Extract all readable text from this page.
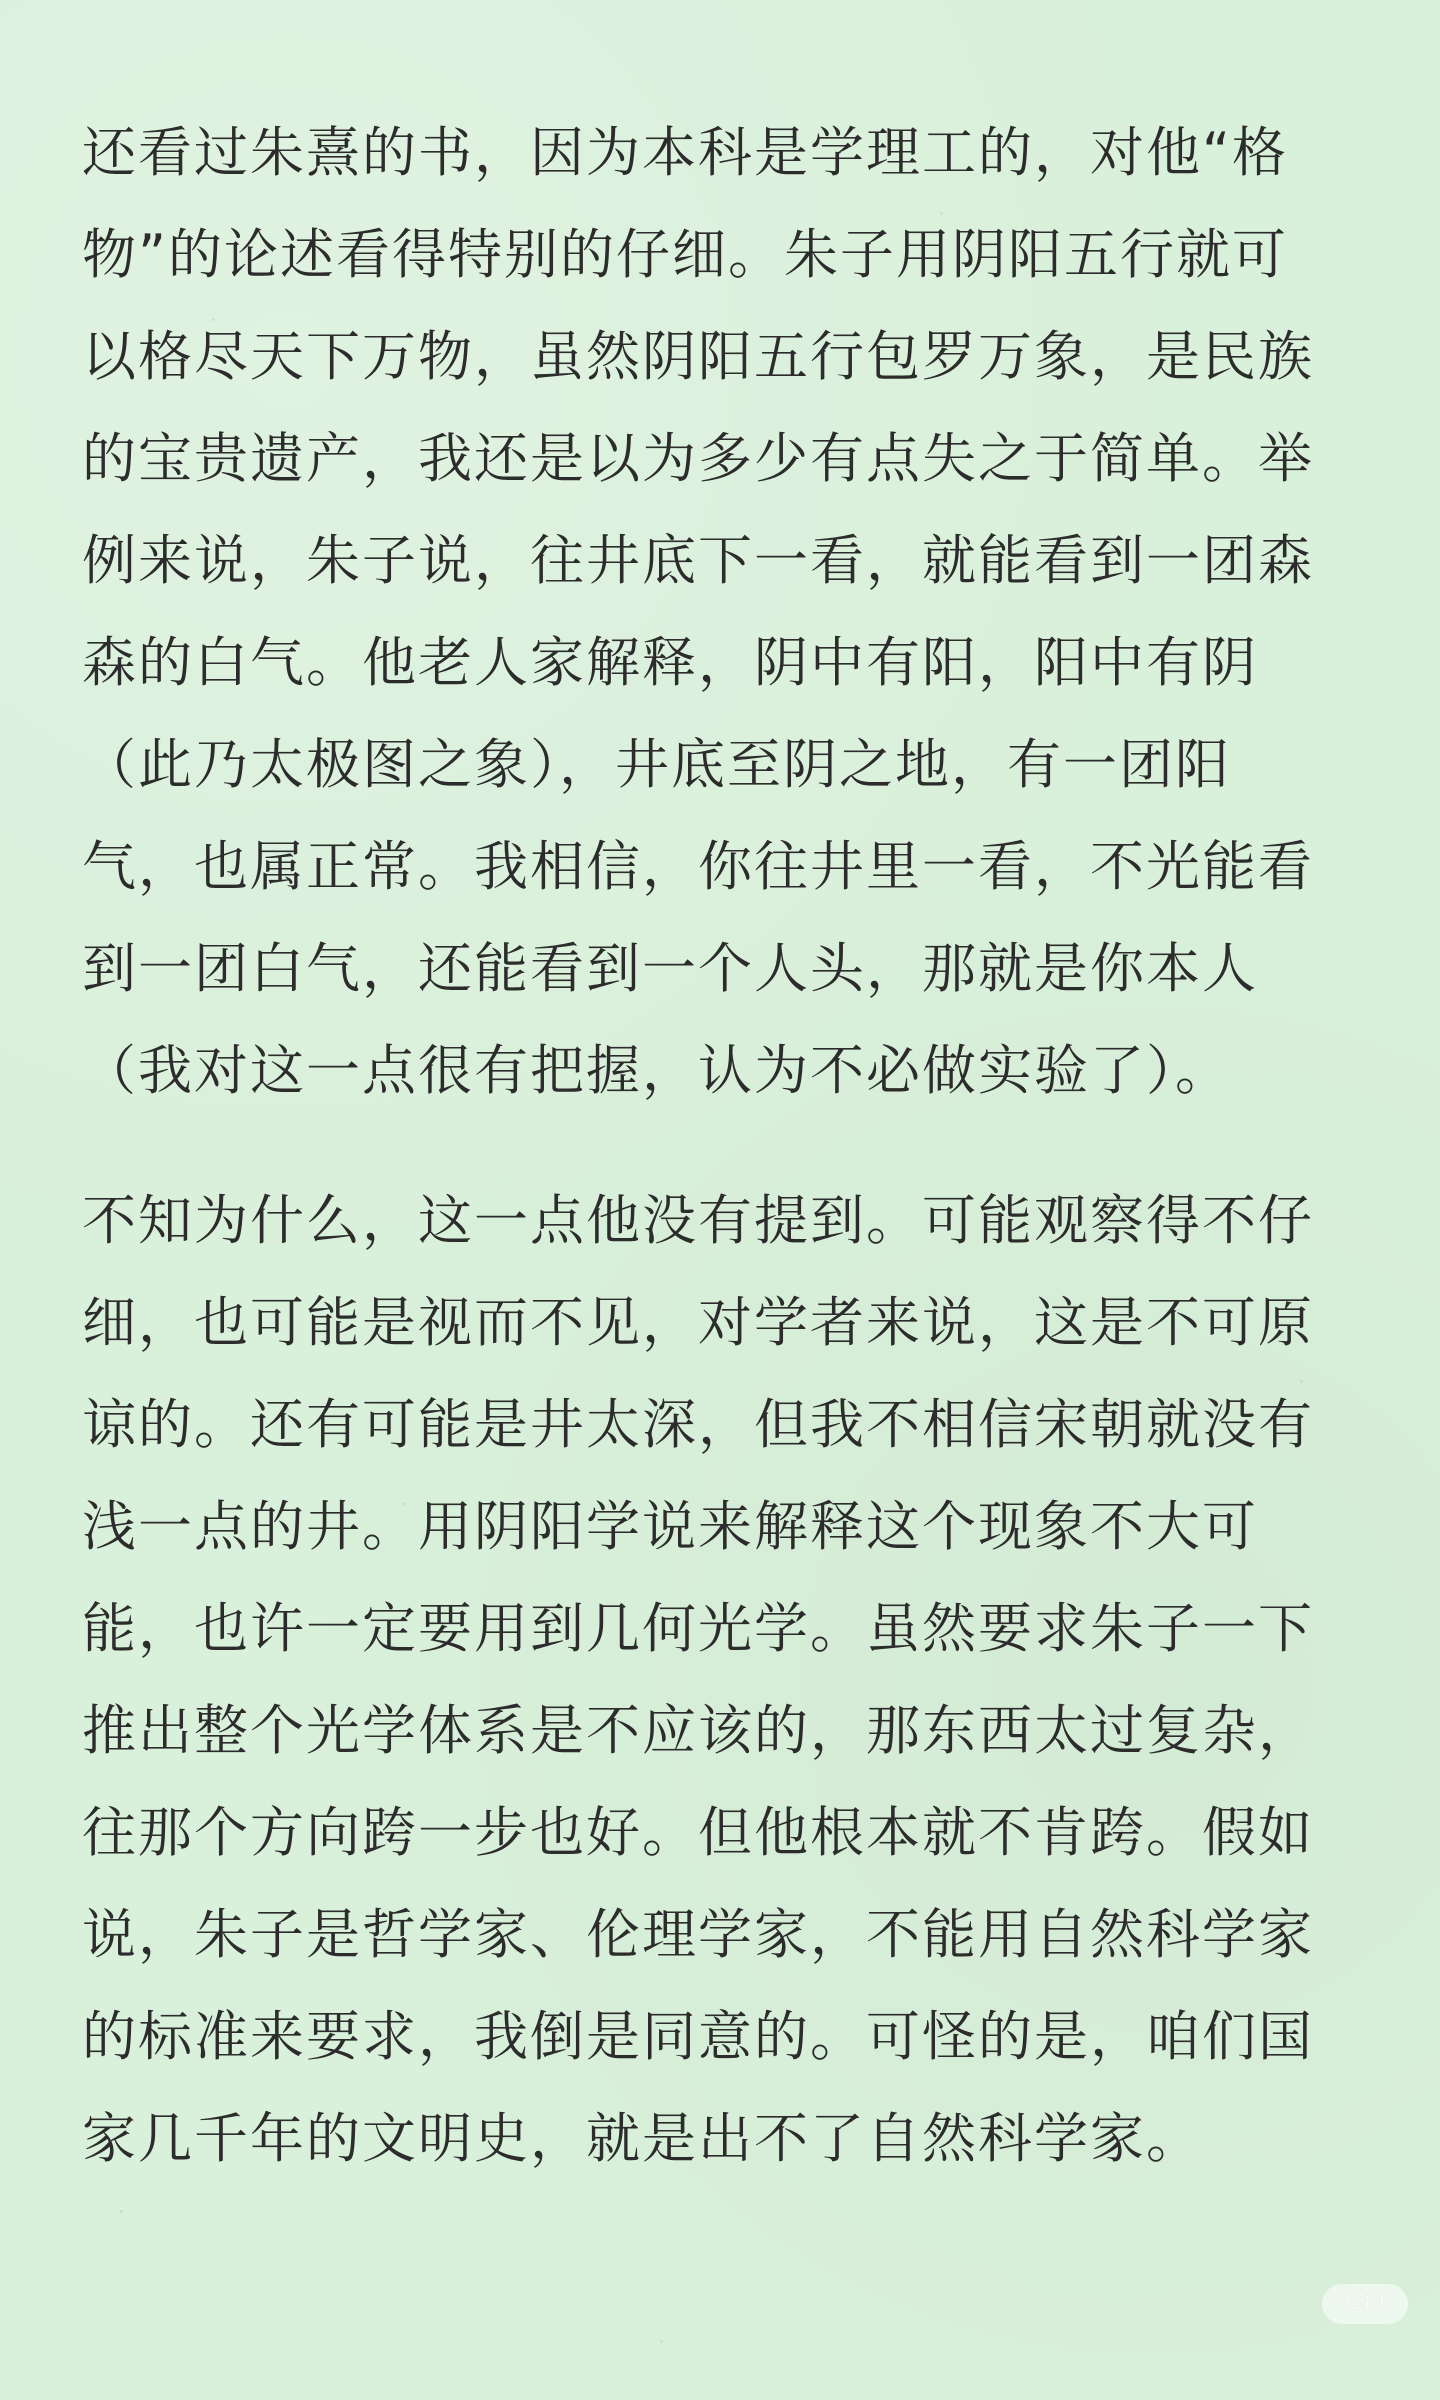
还看过朱熹的书，因为本科是学理工的，对他“格
物”的论述看得特别的仔细。朱子用阴阳五行就可
以格尽天下万物，虽然阴阳五行包罗万象，是民族
的宝贵遗产，我还是以为多少有点失之于简单。举
例来说，朱子说，往井底下一看，就能看到一团森
森的白气。他老人家解释，阴中有阳，阳中有阴
（此乃太极图之象），井底至阴之地，有一团阳
气，也属正常。我相信，你往井里一看，不光能看
到一团白气，还能看到一个人头，那就是你本人
（我对这一点很有把握，认为不必做实验了）。
不知为什么，这一点他没有提到。可能观察得不仔
细，也可能是视而不见，对学者来说，这是不可原
谅的。还有可能是井太深，但我不相信宋朝就没有
浅一点的井。用阴阳学说来解释这个现象不大可
能，也许一定要用到几何光学。虽然要求朱子一下
推出整个光学体系是不应该的，那东西太过复杂，
往那个方向跨一步也好。但他根本就不肯跨。假如
说，朱子是哲学家、伦理学家，不能用自然科学家
的标准来要求，我倒是同意的。可怪的是，咱们国
家几千年的文明史，就是出不了自然科学家。
小红书
